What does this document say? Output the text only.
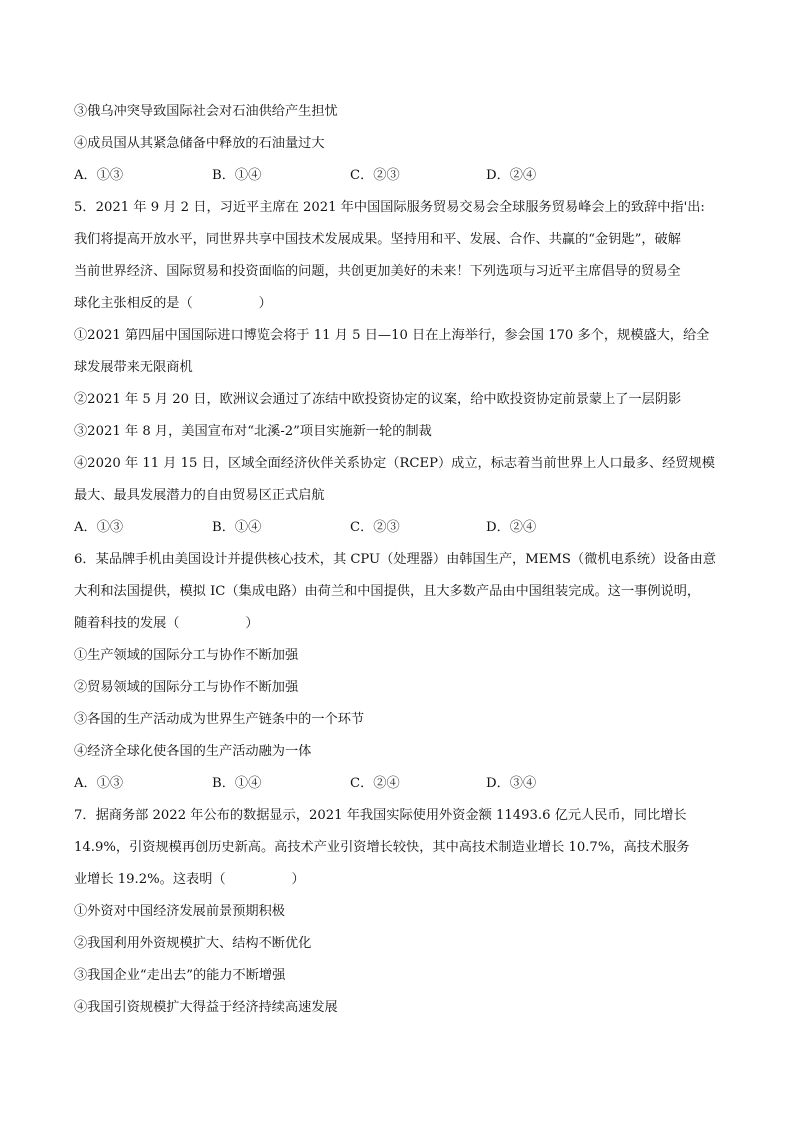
③俄乌冲突导致国际社会对石油供给产生担忧
④成员国从其紧急储备中释放的石油量过大
A．①③	B．①④	C．②③	D．②④
5．2021 年 9 月 2 日，习近平主席在 2021 年中国国际服务贸易交易会全球服务贸易峰会上的致辞中指'出:
我们将提高开放水平，同世界共享中国技术发展成果。坚持用和平、发展、合作、共赢的“金钥匙”，破解
当前世界经济、国际贸易和投资面临的问题，共创更加美好的未来！下列选项与习近平主席倡导的贸易全
球化主张相反的是（　　　　　）
①2021 第四届中国国际进口博览会将于 11 月 5 日—10 日在上海举行，参会国 170 多个，规模盛大，给全
球发展带来无限商机
②2021 年 5 月 20 日，欧洲议会通过了冻结中欧投资协定的议案，给中欧投资协定前景蒙上了一层阴影
③2021 年 8 月，美国宣布对“北溪-2”项目实施新一轮的制裁
④2020 年 11 月 15 日，区域全面经济伙伴关系协定（RCEP）成立，标志着当前世界上人口最多、经贸规模
最大、最具发展潜力的自由贸易区正式启航
A．①③	B．①④	C．②③	D．②④
6．某品牌手机由美国设计并提供核心技术，其 CPU（处理器）由韩国生产，MEMS（微机电系统）设备由意
大利和法国提供，模拟 IC（集成电路）由荷兰和中国提供，且大多数产品由中国组装完成。这一事例说明，
随着科技的发展（　　　　　）
①生产领域的国际分工与协作不断加强
②贸易领域的国际分工与协作不断加强
③各国的生产活动成为世界生产链条中的一个环节
④经济全球化使各国的生产活动融为一体
A．①③	B．①④	C．②④	D．③④
7．据商务部 2022 年公布的数据显示，2021 年我国实际使用外资金额 11493.6 亿元人民币，同比增长
14.9%，引资规模再创历史新高。高技术产业引资增长较快，其中高技术制造业增长 10.7%，高技术服务
业增长 19.2%。这表明（　　　　　）
①外资对中国经济发展前景预期积极
②我国利用外资规模扩大、结构不断优化
③我国企业“走出去”的能力不断增强
④我国引资规模扩大得益于经济持续高速发展
